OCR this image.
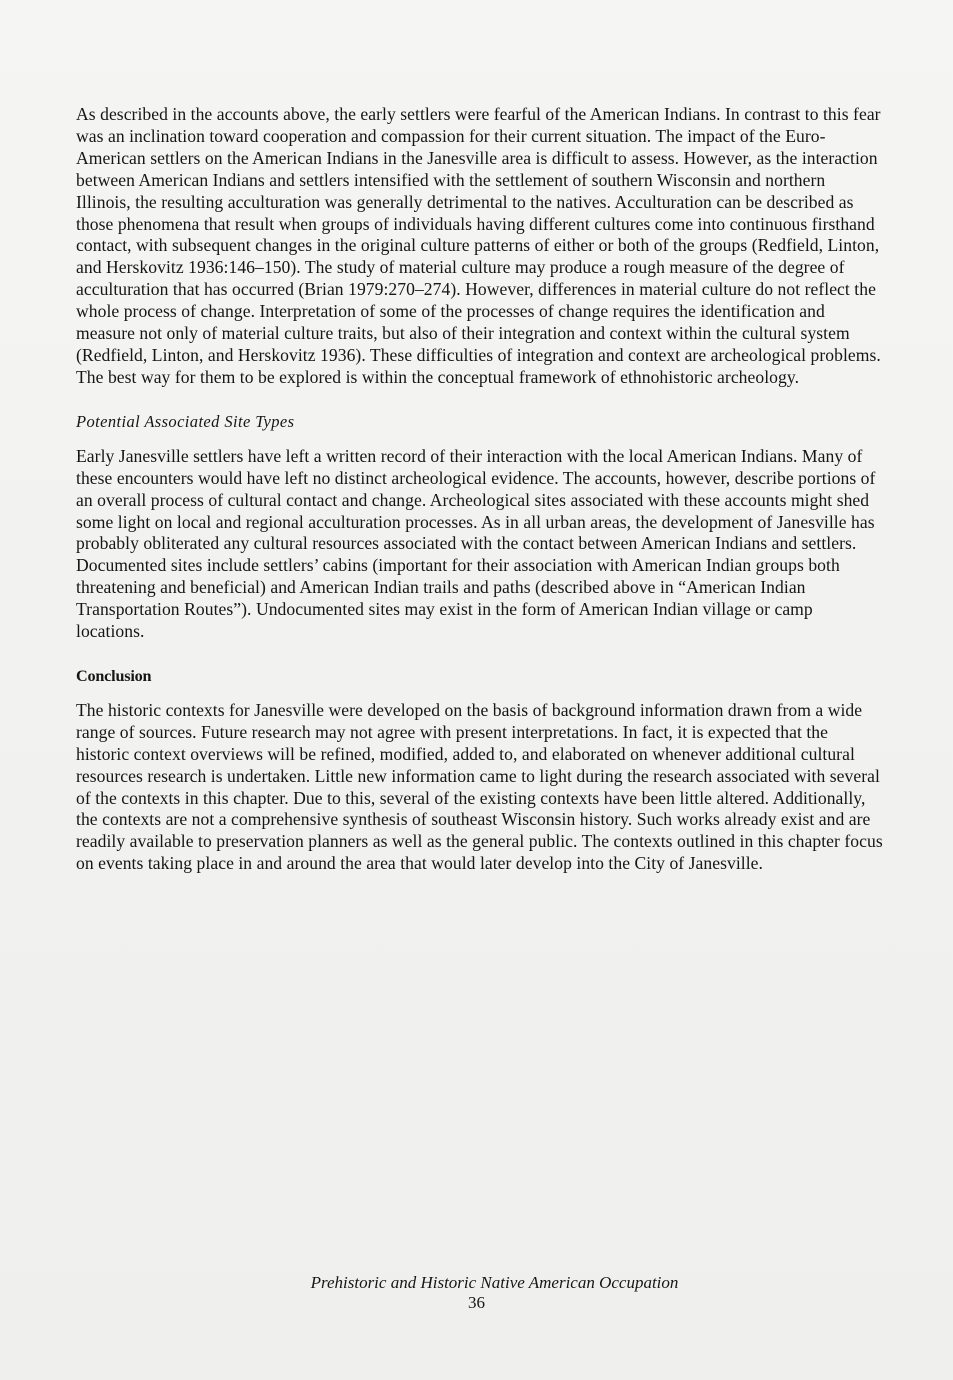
As described in the accounts above, the early settlers were fearful of the American Indians. In contrast to this fear was an inclination toward cooperation and compassion for their current situation. The impact of the Euro-American settlers on the American Indians in the Janesville area is difficult to assess. However, as the interaction between American Indians and settlers intensified with the settlement of southern Wisconsin and northern Illinois, the resulting acculturation was generally detrimental to the natives. Acculturation can be described as those phenomena that result when groups of individuals having different cultures come into continuous firsthand contact, with subsequent changes in the original culture patterns of either or both of the groups (Redfield, Linton, and Herskovitz 1936:146–150). The study of material culture may produce a rough measure of the degree of acculturation that has occurred (Brian 1979:270–274). However, differences in material culture do not reflect the whole process of change. Interpretation of some of the processes of change requires the identification and measure not only of material culture traits, but also of their integration and context within the cultural system (Redfield, Linton, and Herskovitz 1936). These difficulties of integration and context are archeological problems. The best way for them to be explored is within the conceptual framework of ethnohistoric archeology.

Potential Associated Site Types

Early Janesville settlers have left a written record of their interaction with the local American Indians. Many of these encounters would have left no distinct archeological evidence. The accounts, however, describe portions of an overall process of cultural contact and change. Archeological sites associated with these accounts might shed some light on local and regional acculturation processes. As in all urban areas, the development of Janesville has probably obliterated any cultural resources associated with the contact between American Indians and settlers. Documented sites include settlers’ cabins (important for their association with American Indian groups both threatening and beneficial) and American Indian trails and paths (described above in “American Indian Transportation Routes”). Undocumented sites may exist in the form of American Indian village or camp locations.

Conclusion

The historic contexts for Janesville were developed on the basis of background information drawn from a wide range of sources. Future research may not agree with present interpretations. In fact, it is expected that the historic context overviews will be refined, modified, added to, and elaborated on whenever additional cultural resources research is undertaken. Little new information came to light during the research associated with several of the contexts in this chapter. Due to this, several of the existing contexts have been little altered. Additionally, the contexts are not a comprehensive synthesis of southeast Wisconsin history. Such works already exist and are readily available to preservation planners as well as the general public. The contexts outlined in this chapter focus on events taking place in and around the area that would later develop into the City of Janesville.

Prehistoric and Historic Native American Occupation
36
